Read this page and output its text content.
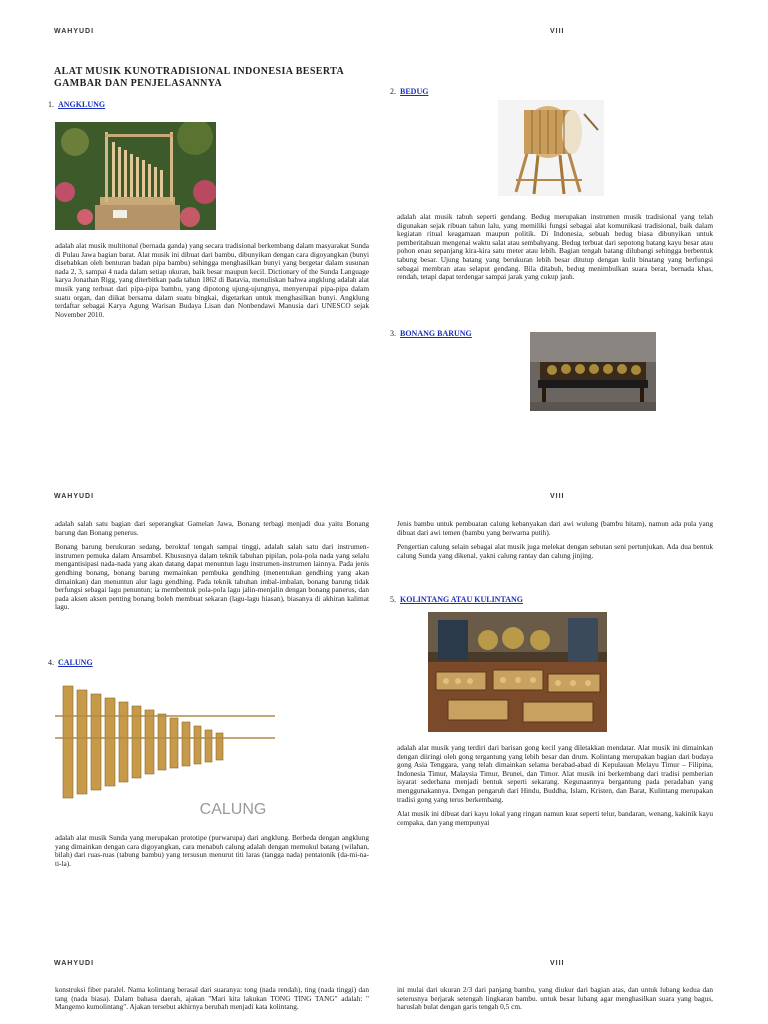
WAHYUDI	VIII
ALAT MUSIK KUNOTRADISIONAL INDONESIA BESERTA GAMBAR DAN PENJELASANNYA
1. ANGKLUNG

adalah alat musik multitonal (bernada ganda) yang secara tradisional berkembang dalam masyarakat Sunda di Pulau Jawa bagian barat. Alat musik ini dibuat dari bambu, dibunyikan dengan cara digoyangkan (bunyi disebabkan oleh benturan badan pipa bambu) sehingga menghasilkan bunyi yang bergetar dalam susunan nada 2, 3, sampai 4 nada dalam setiap ukuran, baik besar maupun kecil. Dictionary of the Sunda Language karya Jonathan Rigg, yang diterbitkan pada tahun 1862 di Batavia, menuliskan bahwa angklung adalah alat musik yang terbuat dari pipa-pipa bambu, yang dipotong ujung-ujungnya, menyerupai pipa-pipa dalam suatu organ, dan diikat bersama dalam suatu bingkai, digetarkan untuk menghasilkan bunyi. Angklung terdaftar sebagai Karya Agung Warisan Budaya Lisan dan Nonbendawi Manusia dari UNESCO sejak November 2010.

2. BEDUG

adalah alat musik tabuh seperti gendang. Bedug merupakan instrumen musik tradisional yang telah digunakan sejak ribuan tahun lalu, yang memiliki fungsi sebagai alat komunikasi tradisional, baik dalam kegiatan ritual keagamaan maupun politik. Di Indonesia, sebuah bedug biasa dibunyikan untuk pemberitahuan mengenai waktu salat atau sembahyang. Bedug terbuat dari sepotong batang kayu besar atau pohon enau sepanjang kira-kira satu meter atau lebih. Bagian tengah batang dilubangi sehingga berbentuk tabung besar. Ujung batang yang berukuran lebih besar ditutup dengan kulit binatang yang berfungsi sebagai membran atau selaput gendang. Bila ditabuh, bedug menimbulkan suara berat, bernada khas, rendah, tetapi dapat terdengar sampai jarak yang cukup jauh.

3. BONANG BARUNG
WAHYUDI	VIII

adalah salah satu bagian dari seperangkat Gamelan Jawa, Bonang terbagi menjadi dua yaitu Bonang barung dan Bonang penerus.

Bonang barung berukuran sedang, beroktaf tengah sampai tinggi, adalah salah satu dari instrumen-instrumen pemuka dalam Ansambel. Khususnya dalam teknik tabuhan pipilan, pola-pola nada yang selalu mengantisipasi nada-nada yang akan datang dapat menuntun lagu instrumen-instrumen lainnya. Pada jenis gendhing bonang, bonang barung memainkan pembuka gendhing (menentukan gendhing yang akan dimainkan) dan menuntun alur lagu gendhing. Pada teknik tabuhan imbal-imbalan, bonang barung tidak berfungsi sebagai lagu penuntun; ia membentuk pola-pola lagu jalin-menjalin dengan bonang panerus, dan pada aksen aksen penting bonang boleh membuat sekaran (lagu-lagu hiasan), biasanya di akhiran kalimat lagu.

4. CALUNG
CALUNG

adalah alat musik Sunda yang merupakan prototipe (purwarupa) dari angklung. Berbeda dengan angklung yang dimainkan dengan cara digoyangkan, cara menabuh calung adalah dengan memukul batang (wilahan, bilah) dari ruas-ruas (tabung bambu) yang tersusun menurut titi laras (tangga nada) pentatonik (da-mi-na-ti-la).

Jenis bambu untuk pembuatan calung kebanyakan dari awi wulung (bambu hitam), namun ada pula yang dibuat dari awi temen (bambu yang berwarna putih).

Pengertian calung selain sebagai alat musik juga melekat dengan sebutan seni pertunjukan. Ada dua bentuk calung Sunda yang dikenal, yakni calung rantay dan calung jinjing.

5. KOLINTANG ATAU KULINTANG

adalah alat musik yang terdiri dari barisan gong kecil yang diletakkan mendatar. Alat musik ini dimainkan dengan diiringi oleh gong tergantung yang lebih besar dan drum. Kolintang merupakan bagian dari budaya gong Asia Tenggara, yang telah dimainkan selama berabad-abad di Kepulauan Melayu Timur – Filipina, Indonesia Timur, Malaysia Timur, Brunei, dan Timor. Alat musik ini berkembang dari tradisi pemberian isyarat sederhana menjadi bentuk seperti sekarang. Kegunaannya bergantung pada peradaban yang menggunakannya. Dengan pengaruh dari Hindu, Buddha, Islam, Kristen, dan Barat, Kulintang merupakan tradisi gong yang terus berkembang.

Alat musik ini dibuat dari kayu lokal yang ringan namun kuat seperti telur, bandaran, wenang, kakinik kayu cempaka, dan yang mempunyai

WAHYUDI	VIII

konstruksi fiber paralel. Nama kolintang berasal dari suaranya: tong (nada rendah), ting (nada tinggi) dan tang (nada biasa). Dalam bahasa daerah, ajakan "Mari kita lakukan TONG TING TANG" adalah: " Mangemo kumolintang". Ajakan tersebut akhirnya berubah menjadi kata kolintang.

ini mulai dari ukuran 2/3 dari panjang bambu, yang diukur dari bagian atas, dan untuk lubang kedua dan seterusnya berjarak setengah lingkaran bambu. untuk besar lubang agar menghasilkan suara yang bagus, haruslah bulat dengan garis tengah 0,5 cm.
